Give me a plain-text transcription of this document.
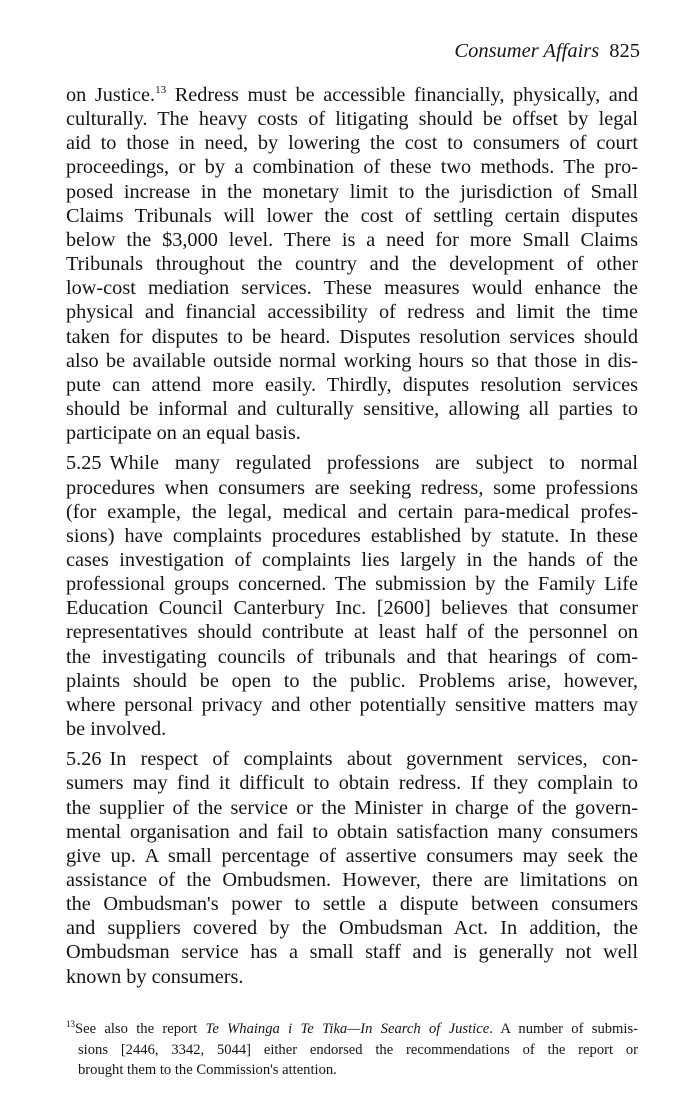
Consumer Affairs 825

on Justice.$^{13}$ Redress must be accessible financially, physically, and
culturally. The heavy costs of litigating should be offset by legal
aid to those in need, by lowering the cost to consumers of court
proceedings, or by a combination of these two methods. The pro-
posed increase in the monetary limit to the jurisdiction of Small
Claims Tribunals will lower the cost of settling certain disputes
below the $3,000 level. There is a need for more Small Claims
Tribunals throughout the country and the development of other
low-cost mediation services. These measures would enhance the
physical and financial accessibility of redress and limit the time
taken for disputes to be heard. Disputes resolution services should
also be available outside normal working hours so that those in dis-
pute can attend more easily. Thirdly, disputes resolution services
should be informal and culturally sensitive, allowing all parties to
participate on an equal basis.

5.25 While many regulated professions are subject to normal
procedures when consumers are seeking redress, some professions
(for example, the legal, medical and certain para-medical profes-
sions) have complaints procedures established by statute. In these
cases investigation of complaints lies largely in the hands of the
professional groups concerned. The submission by the Family Life
Education Council Canterbury Inc. [2600] believes that consumer
representatives should contribute at least half of the personnel on
the investigating councils of tribunals and that hearings of com-
plaints should be open to the public. Problems arise, however,
where personal privacy and other potentially sensitive matters may
be involved.

5.26 In respect of complaints about government services, con-
sumers may find it difficult to obtain redress. If they complain to
the supplier of the service or the Minister in charge of the govern-
mental organisation and fail to obtain satisfaction many consumers
give up. A small percentage of assertive consumers may seek the
assistance of the Ombudsmen. However, there are limitations on
the Ombudsman's power to settle a dispute between consumers
and suppliers covered by the Ombudsman Act. In addition, the
Ombudsman service has a small staff and is generally not well
known by consumers.

$^{13}$See also the report Te Whainga i Te Tika—In Search of Justice. A number of submis-
sions [2446, 3342, 5044] either endorsed the recommendations of the report or
brought them to the Commission's attention.
